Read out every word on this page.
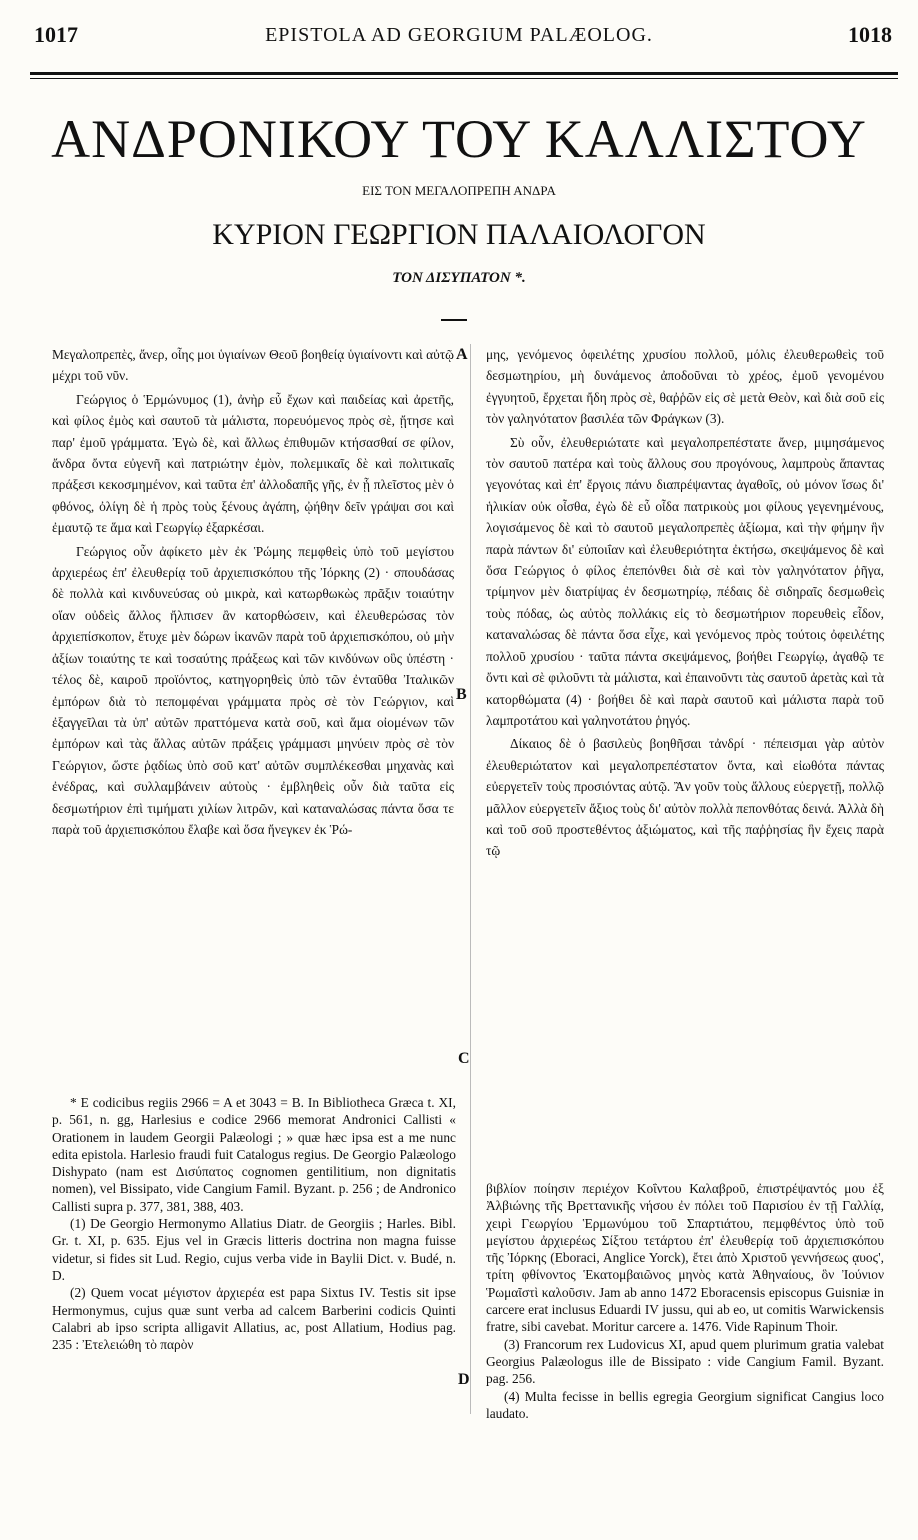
1017	EPISTOLA AD GEORGIUM PALÆOLOG.	1018
ΑΝΔΡΟΝΙΚΟΥ ΤΟΥ ΚΑΛΛΙΣΤΟΥ
ΕΙΣ ΤΟΝ ΜΕΓΑΛΟΠΡΕΠΗ ΑΝΔΡΑ
ΚΥΡΙΟΝ ΓΕΩΡΓΙΟΝ ΠΑΛΑΙΟΛΟΓΟΝ
ΤΟΝ ΔΙΣΥΠΑΤΟΝ *.

Μεγαλοπρεπὲς, ἄνερ, οἷης μοι ὑγιαίνων Θεοῦ βοηθείᾳ ὑγιαίνοντι καὶ αὐτῷ μέχρι τοῦ νῦν.

Γεώργιος ὁ Ἑρμώνυμος (1), ἀνὴρ εὖ ἔχων καὶ παιδείας καὶ ἀρετῆς, καὶ φίλος ἐμὸς καὶ σαυτοῦ τὰ μάλιστα, πορευόμενος πρὸς σὲ, ᾔτησε καὶ παρ' ἐμοῦ γράμματα. Ἐγὼ δὲ, καὶ ἄλλως ἐπιθυμῶν κτήσασθαί σε φίλον, ἄνδρα ὄντα εὐγενῆ καὶ πατριώτην ἐμὸν, πολεμικαῖς δὲ καὶ πολιτικαῖς πράξεσι κεκοσμημένον, καὶ ταῦτα ἐπ' ἀλλοδαπῆς γῆς, ἐν ᾗ πλεῖστος μὲν ὁ φθόνος, ὀλίγη δὲ ἡ πρὸς τοὺς ξένους ἀγάπη, ᾠήθην δεῖν γράψαι σοι καὶ ἐμαυτῷ τε ἅμα καὶ Γεωργίῳ ἐξαρκέσαι.

Γεώργιος οὖν ἀφίκετο μὲν ἐκ Ῥώμης πεμφθεὶς ὑπὸ τοῦ μεγίστου ἀρχιερέως ἐπ' ἐλευθερίᾳ τοῦ ἀρχιεπισκόπου τῆς Ἰόρκης (2) · σπουδάσας δὲ πολλὰ καὶ κινδυνεύσας οὐ μικρὰ, καὶ κατωρθωκὼς πρᾶξιν τοιαύτην οἵαν οὐδεὶς ἄλλος ἤλπισεν ἂν κατορθώσειν, καὶ ἐλευθερώσας τὸν ἀρχιεπίσκοπον, ἔτυχε μὲν δώρων ἱκανῶν παρὰ τοῦ ἀρχιεπισκόπου, οὐ μὴν ἀξίων τοιαύτης τε καὶ τοσαύτης πράξεως καὶ τῶν κινδύνων οὓς ὑπέστη · τέλος δὲ, καιροῦ προϊόντος, κατηγορηθεὶς ὑπὸ τῶν ἐνταῦθα Ἰταλικῶν ἐμπόρων διὰ τὸ πεπομφέναι γράμματα πρὸς σὲ τὸν Γεώργιον, καὶ ἐξαγγεῖλαι τὰ ὑπ' αὐτῶν πραττόμενα κατὰ σοῦ, καὶ ἅμα οἰομένων τῶν ἐμπόρων καὶ τὰς ἄλλας αὐτῶν πράξεις γράμμασι μηνύειν πρὸς σὲ τὸν Γεώργιον, ὥστε ῥᾳδίως ὑπὸ σοῦ κατ' αὐτῶν συμπλέκεσθαι μηχανὰς καὶ ἐνέδρας, καὶ συλλαμβάνειν αὐτοὺς · ἐμβληθεὶς οὖν διὰ ταῦτα εἰς δεσμωτήριον ἐπὶ τιμήματι χιλίων λιτρῶν, καὶ καταναλώσας πάντα ὅσα τε παρὰ τοῦ ἀρχιεπισκόπου ἔλαβε καὶ ὅσα ἤνεγκεν ἐκ Ῥώ-

μης, γενόμενος ὀφειλέτης χρυσίου πολλοῦ, μόλις ἐλευθερωθεὶς τοῦ δεσμωτηρίου, μὴ δυνάμενος ἀποδοῦναι τὸ χρέος, ἐμοῦ γενομένου ἐγγυητοῦ, ἔρχεται ἤδη πρὸς σὲ, θαῤῥῶν εἰς σὲ μετὰ Θεὸν, καὶ διὰ σοῦ εἰς τὸν γαληνότατον βασιλέα τῶν Φράγκων (3).

Σὺ οὖν, ἐλευθεριώτατε καὶ μεγαλοπρεπέστατε ἄνερ, μιμησάμενος τὸν σαυτοῦ πατέρα καὶ τοὺς ἄλλους σου προγόνους, λαμπροὺς ἅπαντας γεγονότας καὶ ἐπ' ἔργοις πάνυ διαπρέψαντας ἀγαθοῖς, οὐ μόνον ἴσως δι' ἡλικίαν οὐκ οἶσθα, ἐγὼ δὲ εὖ οἶδα πατρικοὺς μοι φίλους γεγενημένους, λογισάμενος δὲ καὶ τὸ σαυτοῦ μεγαλοπρεπὲς ἀξίωμα, καὶ τὴν φήμην ἣν παρὰ πάντων δι' εὐποιΐαν καὶ ἐλευθεριότητα ἐκτήσω, σκεψάμενος δὲ καὶ ὅσα Γεώργιος ὁ φίλος ἐπεπόνθει διὰ σὲ καὶ τὸν γαληνότατον ῥῆγα, τρίμηνον μὲν διατρίψας ἐν δεσμωτηρίῳ, πέδαις δὲ σιδηραῖς δεσμωθεὶς τοὺς πόδας, ὡς αὐτὸς πολλάκις εἰς τὸ δεσμωτήριον πορευθεὶς εἶδον, καταναλώσας δὲ πάντα ὅσα εἶχε, καὶ γενόμενος πρὸς τούτοις ὀφειλέτης πολλοῦ χρυσίου · ταῦτα πάντα σκεψάμενος, βοήθει Γεωργίῳ, ἀγαθῷ τε ὄντι καὶ σὲ φιλοῦντι τὰ μάλιστα, καὶ ἐπαινοῦντι τὰς σαυτοῦ ἀρετὰς καὶ τὰ κατορθώματα (4) · βοήθει δὲ καὶ παρὰ σαυτοῦ καὶ μάλιστα παρὰ τοῦ λαμπροτάτου καὶ γαληνοτάτου ῥηγός.

Δίκαιος δὲ ὁ βασιλεὺς βοηθῆσαι τἀνδρί · πέπεισμαι γὰρ αὐτὸν ἐλευθεριώτατον καὶ μεγαλοπρεπέστατον ὄντα, καὶ εἰωθότα πάντας εὐεργετεῖν τοὺς προσιόντας αὐτῷ. Ἂν γοῦν τοὺς ἄλλους εὐεργετῇ, πολλῷ μᾶλλον εὐεργετεῖν ἄξιος τοὺς δι' αὐτὸν πολλὰ πεπονθότας δεινά. Ἀλλὰ δὴ καὶ τοῦ σοῦ προστεθέντος ἀξιώματος, καὶ τῆς παῤῥησίας ἣν ἔχεις παρὰ τῷ

A
B
C
D

* E codicibus regiis 2966 = A et 3043 = B. In Bibliotheca Græca t. XI, p. 561, n. gg, Harlesius e codice 2966 memorat Andronici Callisti « Orationem in laudem Georgii Palæologi ; » quæ hæc ipsa est a me nunc edita epistola. Harlesio fraudi fuit Catalogus regius. De Georgio Palæologo Dishypato (nam est Δισύπατος cognomen gentilitium, non dignitatis nomen), vel Bissipato, vide Cangium Famil. Byzant. p. 256 ; de Andronico Callisti supra p. 377, 381, 388, 403.

(1) De Georgio Hermonymo Allatius Diatr. de Georgiis ; Harles. Bibl. Gr. t. XI, p. 635. Ejus vel in Græcis litteris doctrina non magna fuisse videtur, si fides sit Lud. Regio, cujus verba vide in Baylii Dict. v. Budé, n. D.

(2) Quem vocat μέγιστον ἀρχιερέα est papa Sixtus IV. Testis sit ipse Hermonymus, cujus quæ sunt verba ad calcem Barberini codicis Quinti Calabri ab ipso scripta alligavit Allatius, ac, post Allatium, Hodius pag. 235 : Ἐτελειώθη τὸ παρὸν

βιβλίον ποίησιν περιέχον Κοΐντου Καλαβροῦ, ἐπιστρέψαντός μου ἐξ Ἀλβιώνης τῆς Βρεττανικῆς νήσου ἐν πόλει τοῦ Παρισίου ἐν τῇ Γαλλίᾳ, χειρὶ Γεωργίου Ἑρμωνύμου τοῦ Σπαρτιάτου, πεμφθέντος ὑπὸ τοῦ μεγίστου ἀρχιερέως Σίξτου τετάρτου ἐπ' ἐλευθερίᾳ τοῦ ἀρχιεπισκόπου τῆς Ἰόρκης (Eboraci, Anglice Yorck), ἔτει ἀπὸ Χριστοῦ γεννήσεως ᾳυοϛ', τρίτη φθίνοντος Ἑκατομβαιῶνος μηνὸς κατὰ Ἀθηναίους, ὃν Ἰούνιον Ῥωμαῖστὶ καλοῦσιν. Jam ab anno 1472 Eboracensis episcopus Guisniæ in carcere erat inclusus Eduardi IV jussu, qui ab eo, ut comitis Warwickensis fratre, sibi cavebat. Moritur carcere a. 1476. Vide Rapinum Thoir.

(3) Francorum rex Ludovicus XI, apud quem plurimum gratia valebat Georgius Palæologus ille de Bissipato : vide Cangium Famil. Byzant. pag. 256.

(4) Multa fecisse in bellis egregia Georgium significat Cangius loco laudato.
